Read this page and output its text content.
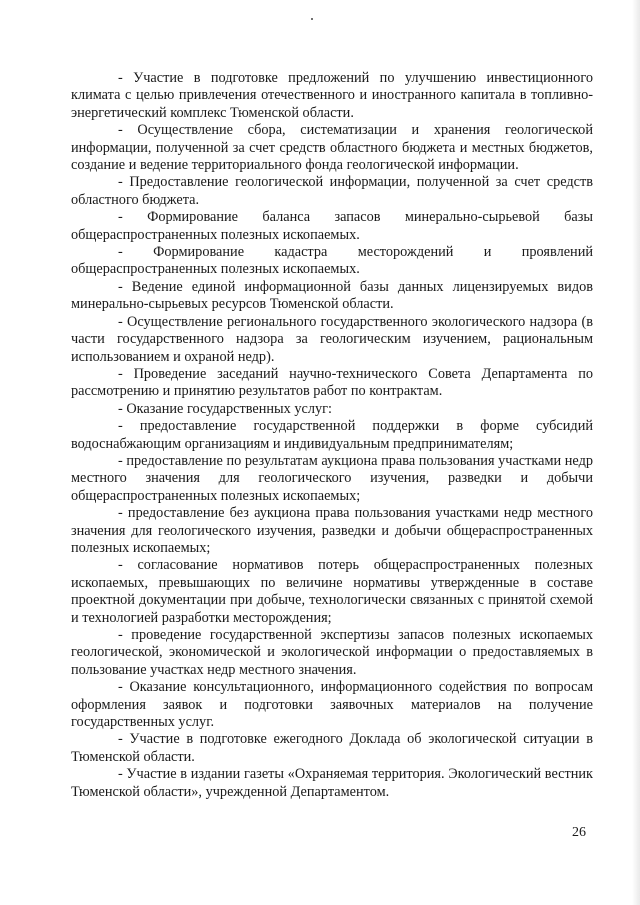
- Участие в подготовке предложений по улучшению инвестиционного климата с целью привлечения отечественного и иностранного капитала в топливно-энергетический комплекс Тюменской области.

- Осуществление сбора, систематизации и хранения геологической информации, полученной за счет средств областного бюджета и местных бюджетов, создание и ведение территориального фонда геологической информации.

- Предоставление геологической информации, полученной за счет средств областного бюджета.

- Формирование баланса запасов минерально-сырьевой базы общераспространенных полезных ископаемых.

- Формирование кадастра месторождений и проявлений общераспространенных полезных ископаемых.

- Ведение единой информационной базы данных лицензируемых видов минерально-сырьевых ресурсов Тюменской области.

- Осуществление регионального государственного экологического надзора (в части государственного надзора за геологическим изучением, рациональным использованием и охраной недр).

- Проведение заседаний научно-технического Совета Департамента по рассмотрению и принятию результатов работ по контрактам.

- Оказание государственных услуг:

- предоставление государственной поддержки в форме субсидий водоснабжающим организациям и индивидуальным предпринимателям;

- предоставление по результатам аукциона права пользования участками недр местного значения для геологического изучения, разведки и добычи общераспространенных полезных ископаемых;

- предоставление без аукциона права пользования участками недр местного значения для геологического изучения, разведки и добычи общераспространенных полезных ископаемых;

- согласование нормативов потерь общераспространенных полезных ископаемых, превышающих по величине нормативы утвержденные в составе проектной документации при добыче, технологически связанных с принятой схемой и технологией разработки месторождения;

- проведение государственной экспертизы запасов полезных ископаемых геологической, экономической и экологической информации о предоставляемых в пользование участках недр местного значения.

- Оказание консультационного, информационного содействия по вопросам оформления заявок и подготовки заявочных материалов на получение государственных услуг.

- Участие в подготовке ежегодного Доклада об экологической ситуации в Тюменской области.

- Участие в издании газеты «Охраняемая территория. Экологический вестник Тюменской области», учрежденной Департаментом.

26
